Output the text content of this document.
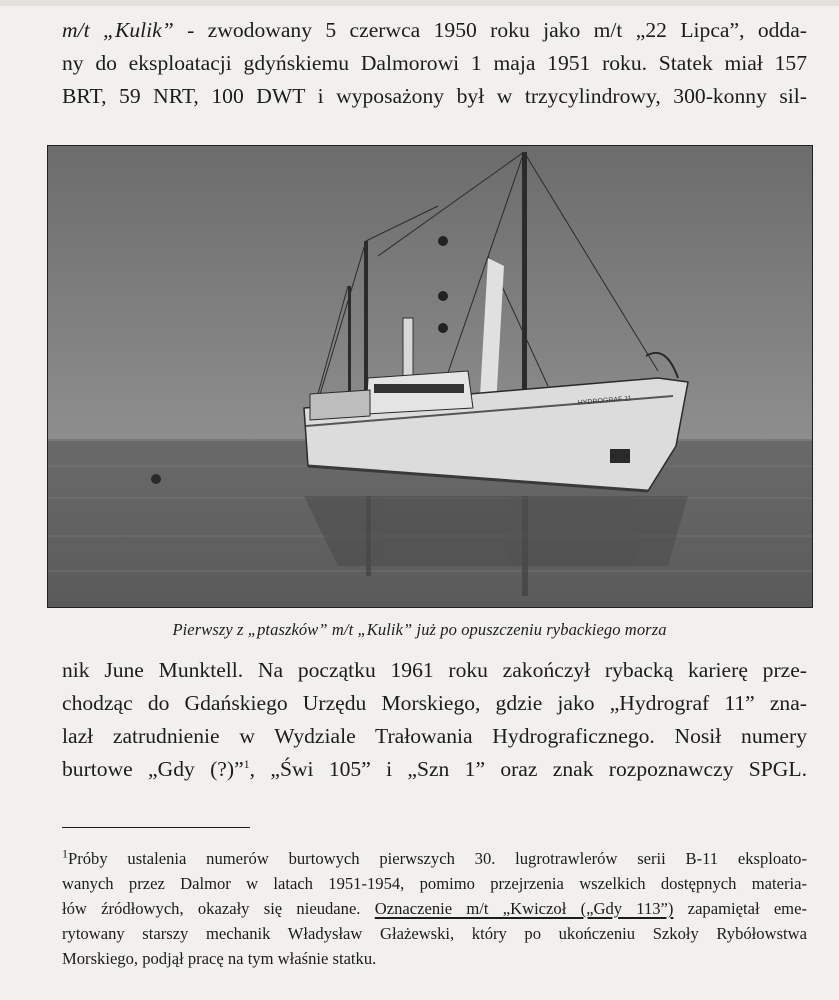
m/t „Kulik” - zwodowany 5 czerwca 1950 roku jako m/t „22 Lipca”, odda-
ny do eksploatacji gdyńskiemu Dalmorowi 1 maja 1951 roku. Statek miał 157
BRT, 59 NRT, 100 DWT i wyposażony był w trzycylindrowy, 300-konny sil-
HYDROGRAF 11
Pierwszy z „ptaszków” m/t „Kulik” już po opuszczeniu rybackiego morza
nik June Munktell. Na początku 1961 roku zakończył rybacką karierę prze-
chodząc do Gdańskiego Urzędu Morskiego, gdzie jako „Hydrograf 11” zna-
lazł zatrudnienie w Wydziale Trałowania Hydrograficznego. Nosił numery
burtowe „Gdy (?)”$^1$, „Świ 105” i „Szn 1” oraz znak rozpoznawczy SPGL.
$^1$Próby ustalenia numerów burtowych pierwszych 30. lugrotrawlerów serii B-11 eksploato-
wanych przez Dalmor w latach 1951-1954, pomimo przejrzenia wszelkich dostępnych materia-
łów źródłowych, okazały się nieudane. Oznaczenie m/t „Kwiczoł („Gdy 113”) zapamiętał eme-
rytowany starszy mechanik Władysław Głażewski, który po ukończeniu Szkoły Rybółowstwa
Morskiego, podjął pracę na tym właśnie statku.
